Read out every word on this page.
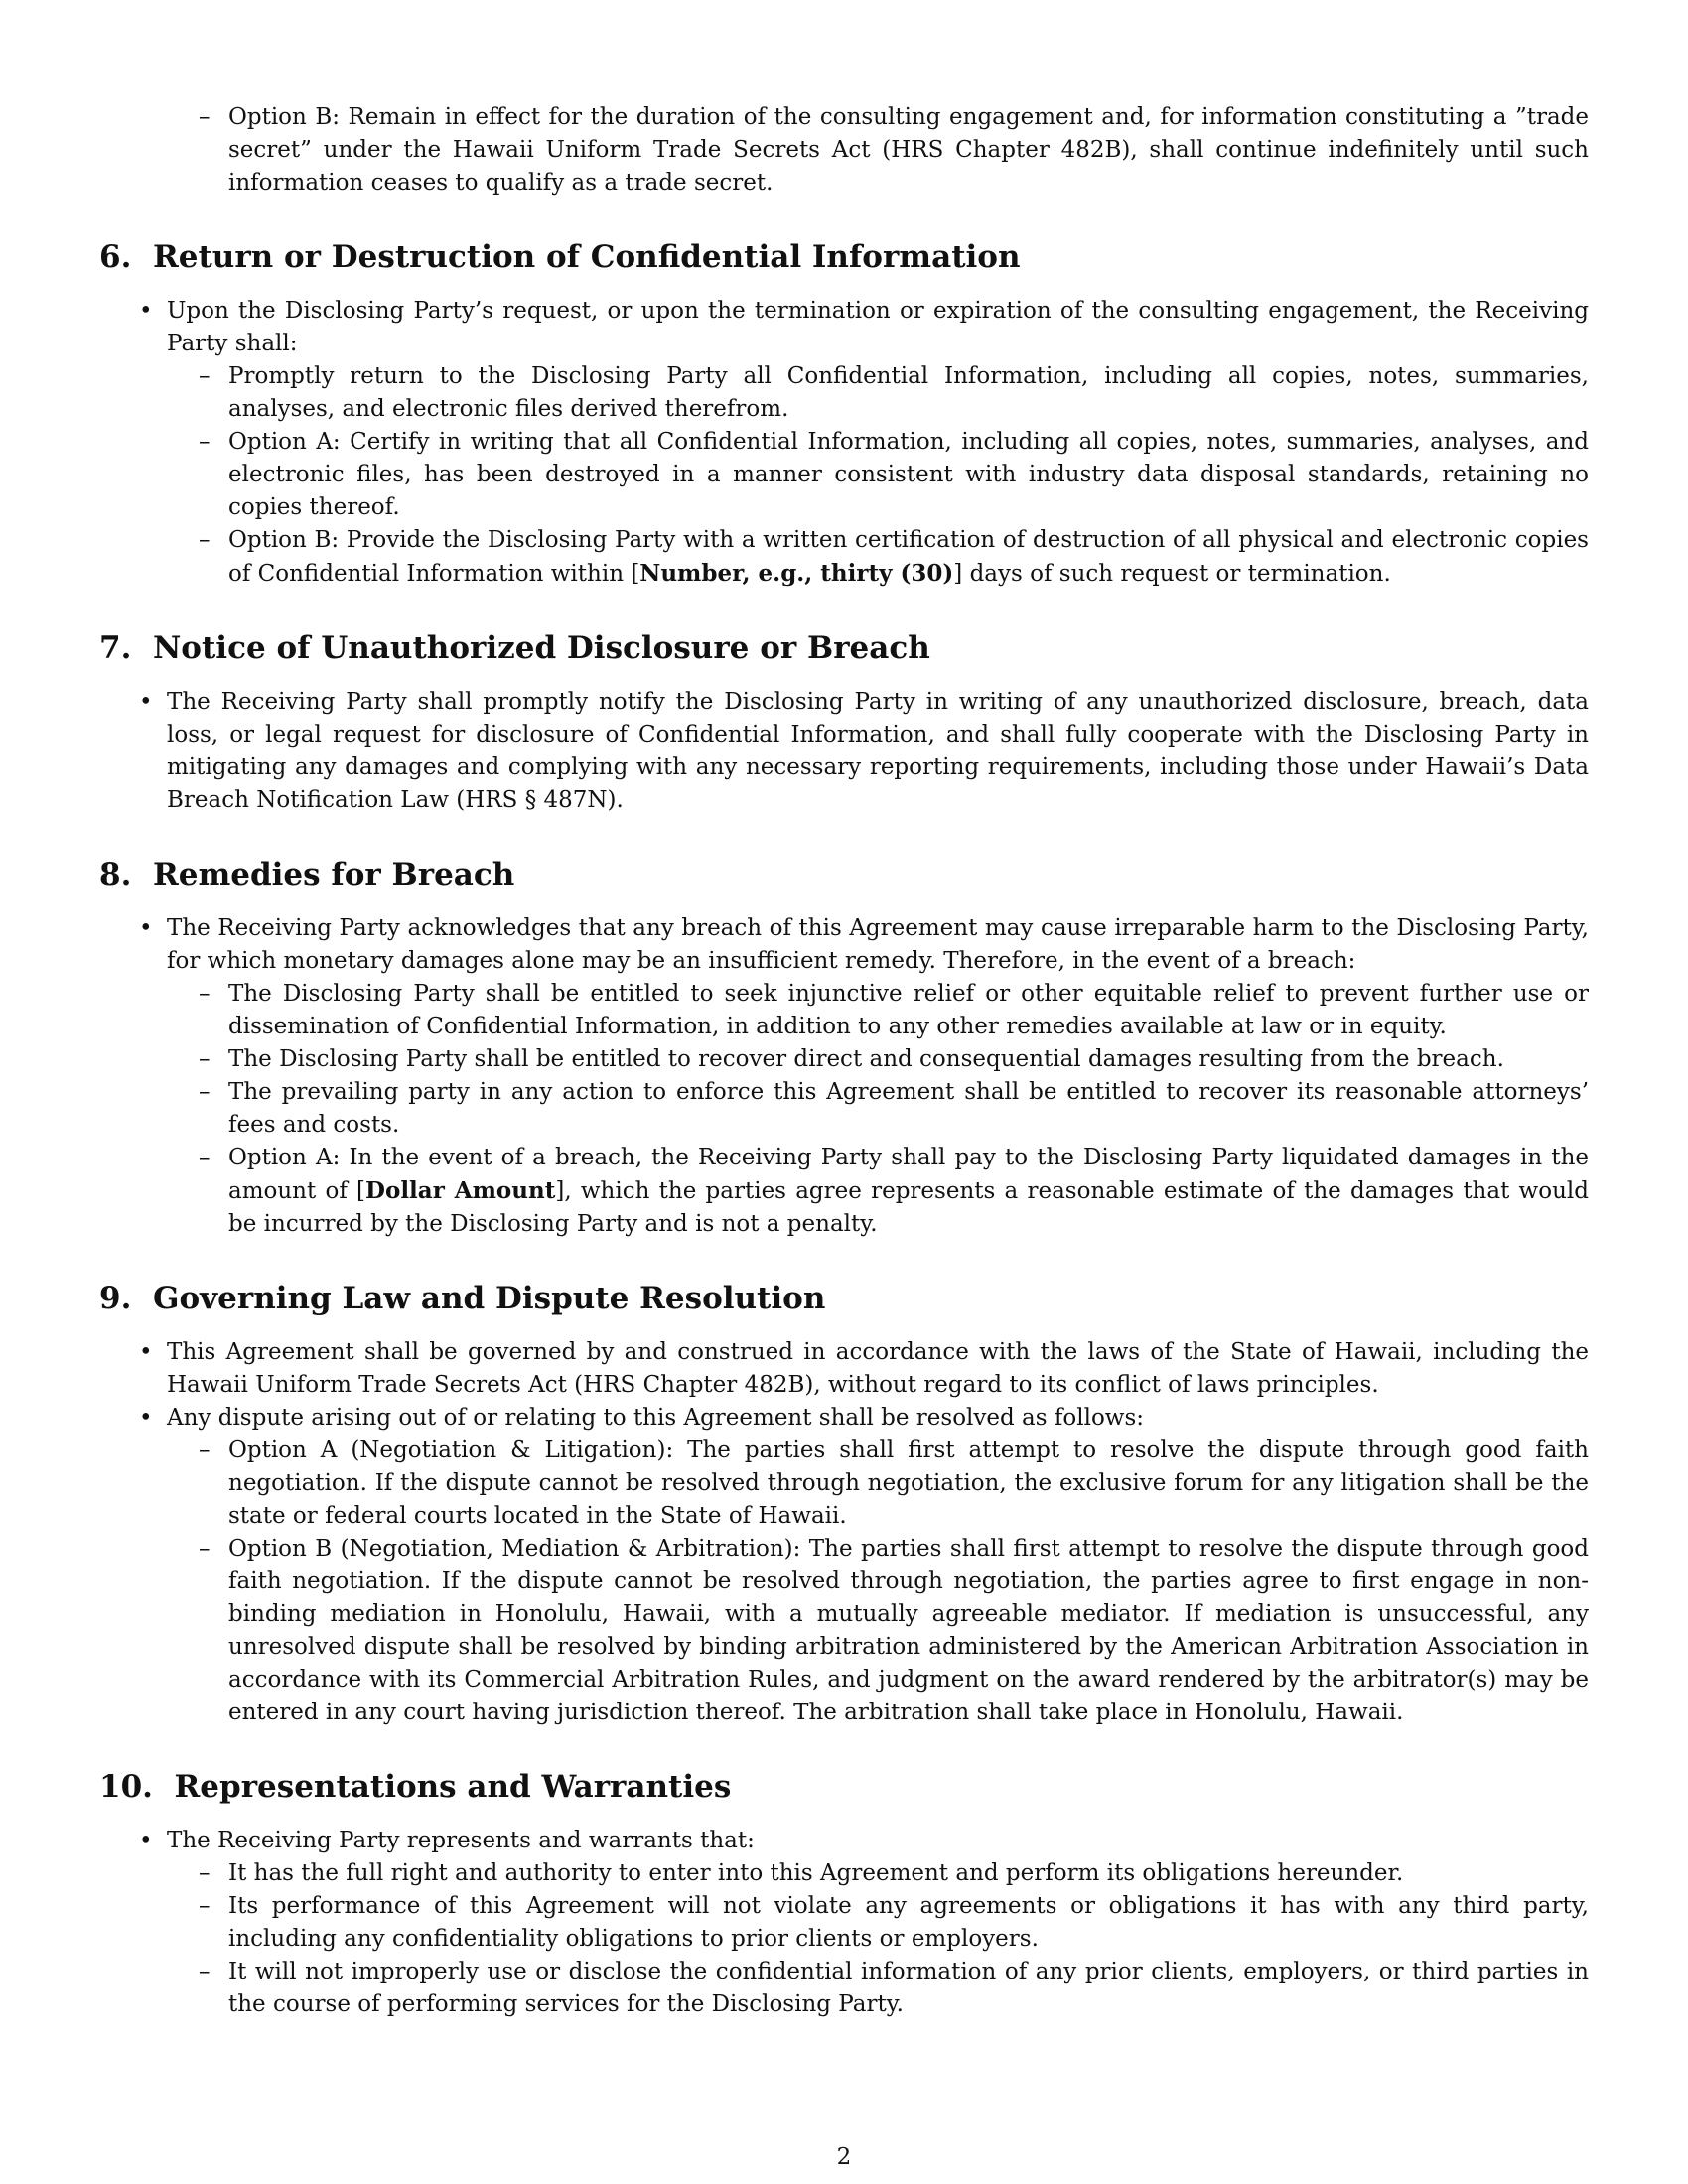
– Option B: Remain in effect for the duration of the consulting engagement and, for information constituting a ”trade secret” under the Hawaii Uniform Trade Secrets Act (HRS Chapter 482B), shall continue indefinitely until such information ceases to qualify as a trade secret.

6. Return or Destruction of Confidential Information

• Upon the Disclosing Party’s request, or upon the termination or expiration of the consulting engagement, the Receiving Party shall:

– Promptly return to the Disclosing Party all Confidential Information, including all copies, notes, summaries, analyses, and electronic files derived therefrom.

– Option A: Certify in writing that all Confidential Information, including all copies, notes, summaries, analyses, and electronic files, has been destroyed in a manner consistent with industry data disposal standards, retaining no copies thereof.

– Option B: Provide the Disclosing Party with a written certification of destruction of all physical and electronic copies of Confidential Information within [Number, e.g., thirty (30)] days of such request or termination.

7. Notice of Unauthorized Disclosure or Breach

• The Receiving Party shall promptly notify the Disclosing Party in writing of any unauthorized disclosure, breach, data loss, or legal request for disclosure of Confidential Information, and shall fully cooperate with the Disclosing Party in mitigating any damages and complying with any necessary reporting requirements, including those under Hawaii’s Data Breach Notification Law (HRS § 487N).

8. Remedies for Breach

• The Receiving Party acknowledges that any breach of this Agreement may cause irreparable harm to the Disclosing Party, for which monetary damages alone may be an insufficient remedy. Therefore, in the event of a breach:

– The Disclosing Party shall be entitled to seek injunctive relief or other equitable relief to prevent further use or dissemination of Confidential Information, in addition to any other remedies available at law or in equity.

– The Disclosing Party shall be entitled to recover direct and consequential damages resulting from the breach.

– The prevailing party in any action to enforce this Agreement shall be entitled to recover its reasonable attorneys’ fees and costs.

– Option A: In the event of a breach, the Receiving Party shall pay to the Disclosing Party liquidated damages in the amount of [Dollar Amount], which the parties agree represents a reasonable estimate of the damages that would be incurred by the Disclosing Party and is not a penalty.

9. Governing Law and Dispute Resolution

• This Agreement shall be governed by and construed in accordance with the laws of the State of Hawaii, including the Hawaii Uniform Trade Secrets Act (HRS Chapter 482B), without regard to its conflict of laws principles.

• Any dispute arising out of or relating to this Agreement shall be resolved as follows:

– Option A (Negotiation & Litigation): The parties shall first attempt to resolve the dispute through good faith negotiation. If the dispute cannot be resolved through negotiation, the exclusive forum for any litigation shall be the state or federal courts located in the State of Hawaii.

– Option B (Negotiation, Mediation & Arbitration): The parties shall first attempt to resolve the dispute through good faith negotiation. If the dispute cannot be resolved through negotiation, the parties agree to first engage in non-binding mediation in Honolulu, Hawaii, with a mutually agreeable mediator. If mediation is unsuccessful, any unresolved dispute shall be resolved by binding arbitration administered by the American Arbitration Association in accordance with its Commercial Arbitration Rules, and judgment on the award rendered by the arbitrator(s) may be entered in any court having jurisdiction thereof. The arbitration shall take place in Honolulu, Hawaii.

10. Representations and Warranties

• The Receiving Party represents and warrants that:

– It has the full right and authority to enter into this Agreement and perform its obligations hereunder.

– Its performance of this Agreement will not violate any agreements or obligations it has with any third party, including any confidentiality obligations to prior clients or employers.

– It will not improperly use or disclose the confidential information of any prior clients, employers, or third parties in the course of performing services for the Disclosing Party.

2
